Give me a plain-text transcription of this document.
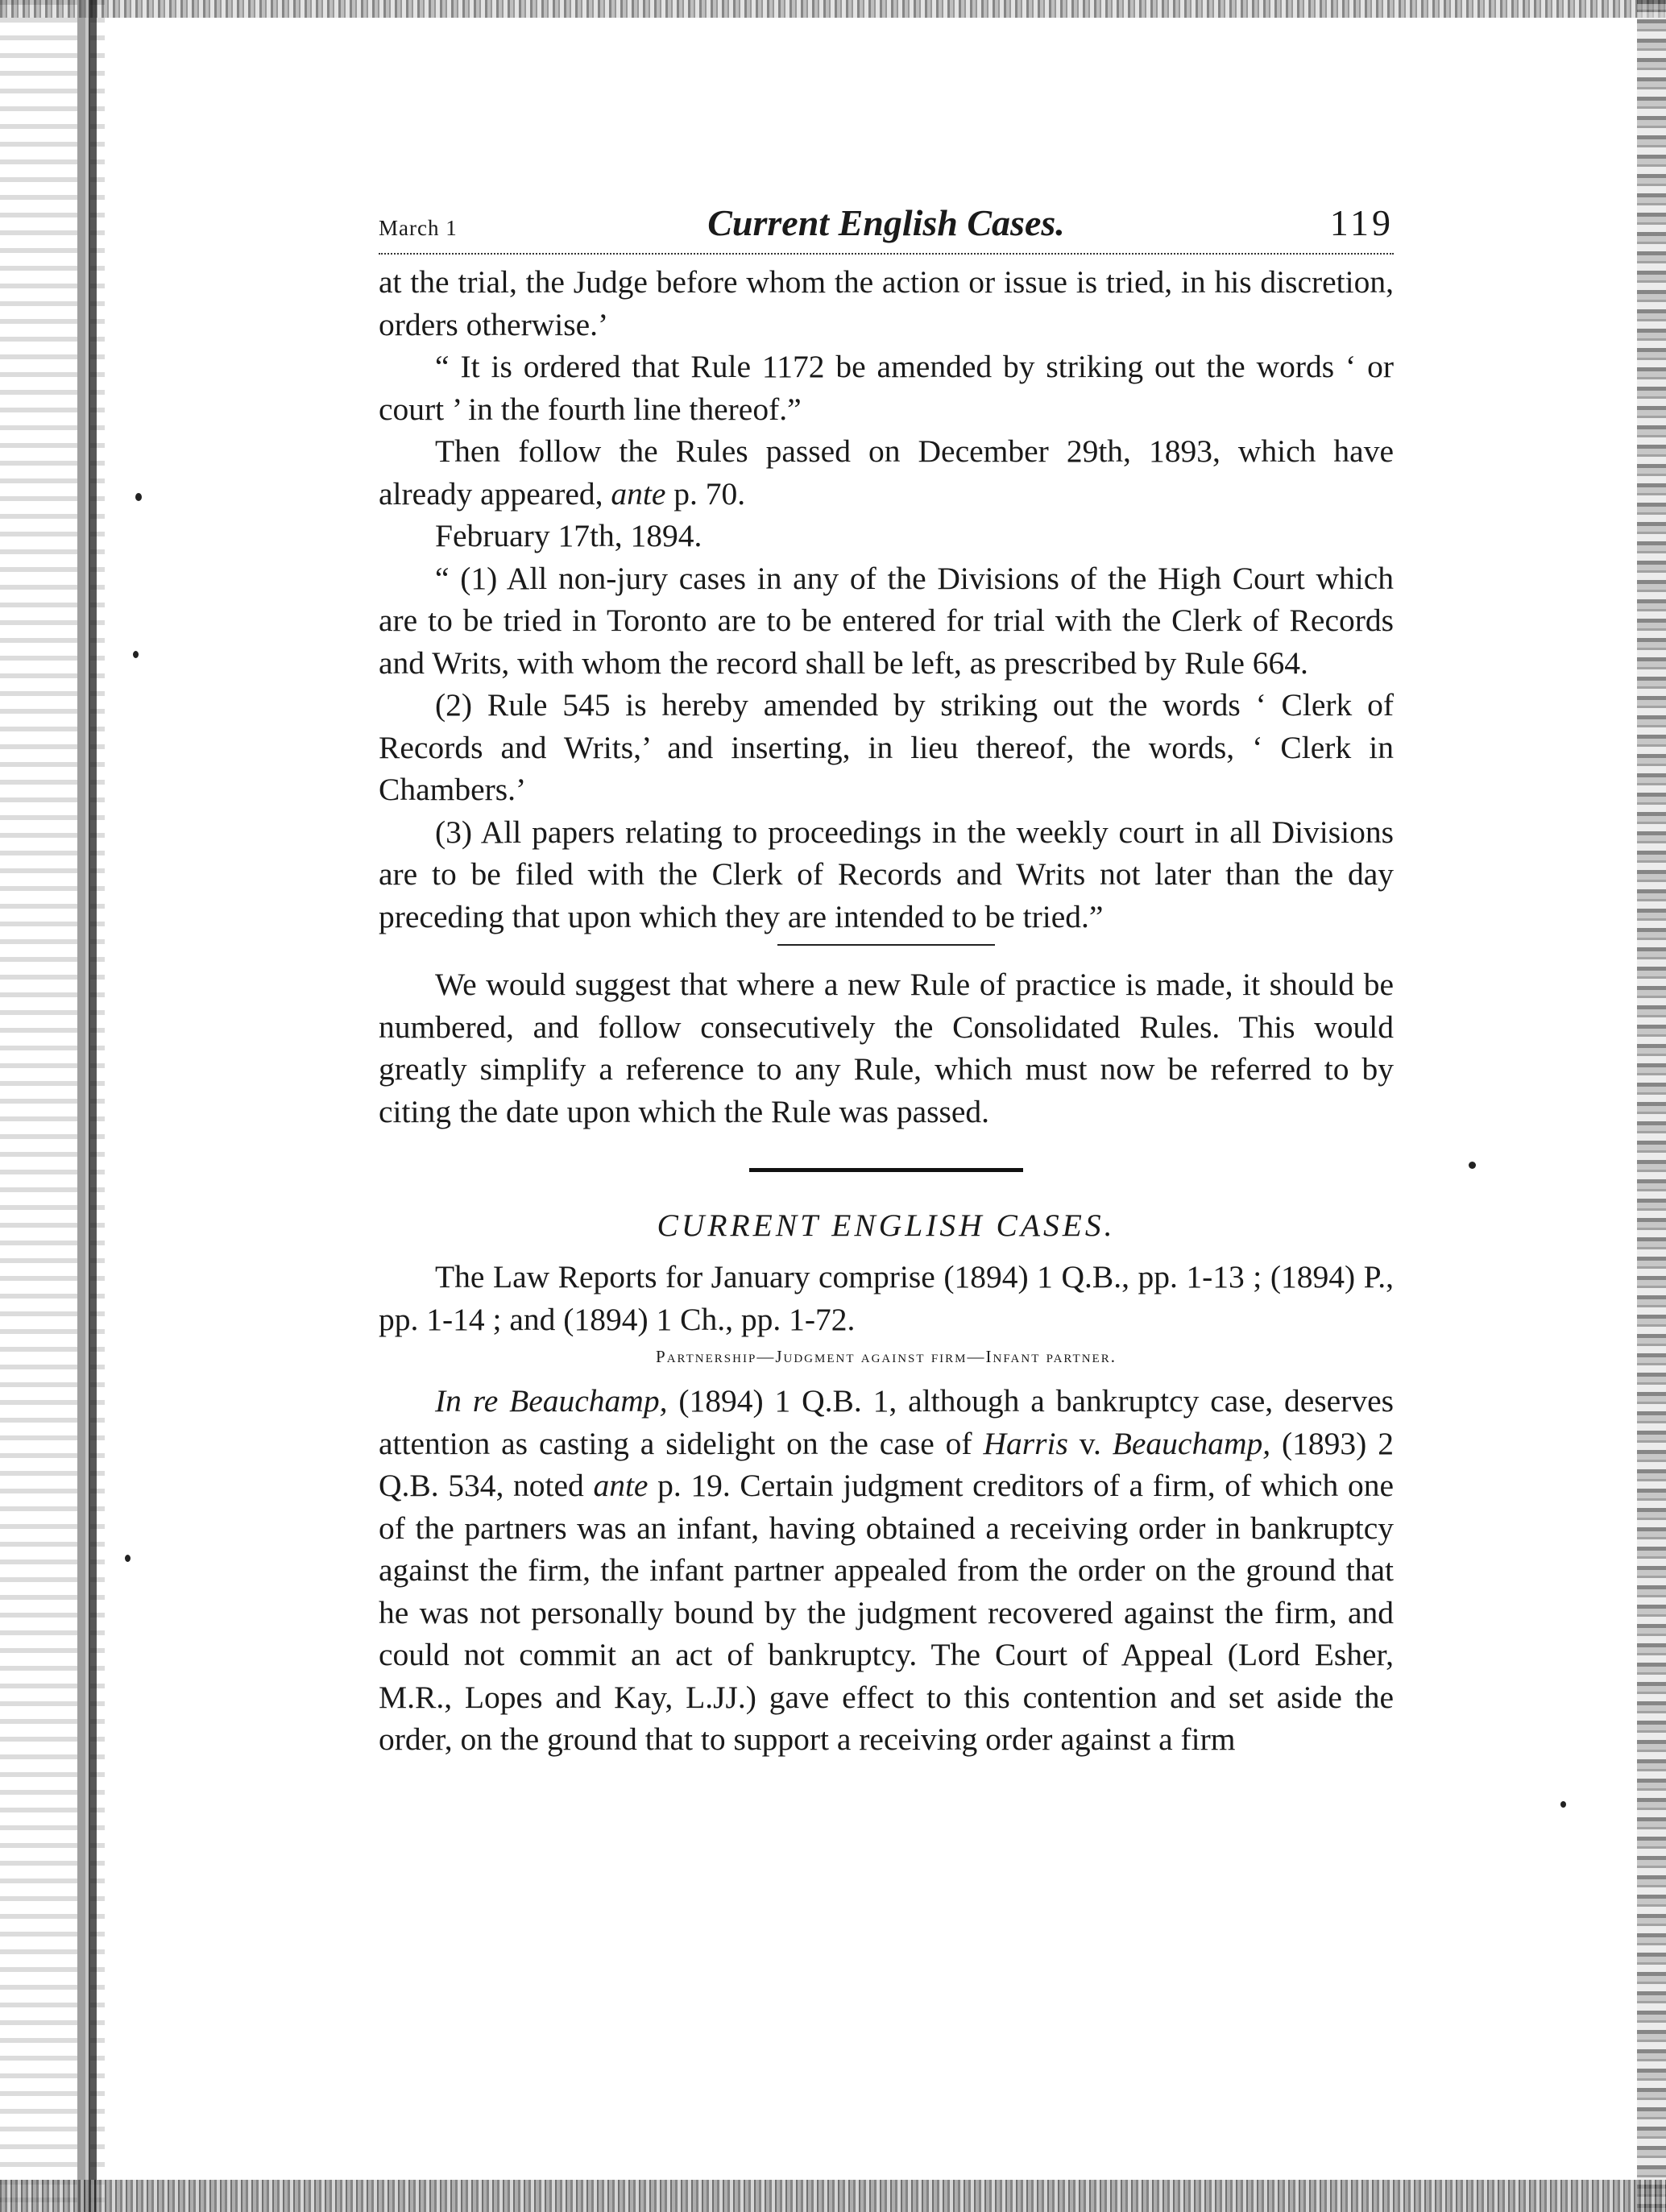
March 1	Current English Cases.	119

at the trial, the Judge before whom the action or issue is tried, in his discretion, orders otherwise.’

“ It is ordered that Rule 1172 be amended by striking out the words ‘ or court ’ in the fourth line thereof.”

Then follow the Rules passed on December 29th, 1893, which have already appeared, ante p. 70.

February 17th, 1894.

“ (1) All non-jury cases in any of the Divisions of the High Court which are to be tried in Toronto are to be entered for trial with the Clerk of Records and Writs, with whom the record shall be left, as prescribed by Rule 664.

(2) Rule 545 is hereby amended by striking out the words ‘ Clerk of Records and Writs,’ and inserting, in lieu thereof, the words, ‘ Clerk in Chambers.’

(3) All papers relating to proceedings in the weekly court in all Divisions are to be filed with the Clerk of Records and Writs not later than the day preceding that upon which they are intended to be tried.”

We would suggest that where a new Rule of practice is made, it should be numbered, and follow consecutively the Consolidated Rules. This would greatly simplify a reference to any Rule, which must now be referred to by citing the date upon which the Rule was passed.

CURRENT ENGLISH CASES.

The Law Reports for January comprise (1894) 1 Q.B., pp. 1-13 ; (1894) P., pp. 1-14 ; and (1894) 1 Ch., pp. 1-72.

Partnership—Judgment against firm—Infant partner.

In re Beauchamp, (1894) 1 Q.B. 1, although a bankruptcy case, deserves attention as casting a sidelight on the case of Harris v. Beauchamp, (1893) 2 Q.B. 534, noted ante p. 19. Certain judgment creditors of a firm, of which one of the partners was an infant, having obtained a receiving order in bankruptcy against the firm, the infant partner appealed from the order on the ground that he was not personally bound by the judgment recovered against the firm, and could not commit an act of bankruptcy. The Court of Appeal (Lord Esher, M.R., Lopes and Kay, L.JJ.) gave effect to this contention and set aside the order, on the ground that to support a receiving order against a firm
